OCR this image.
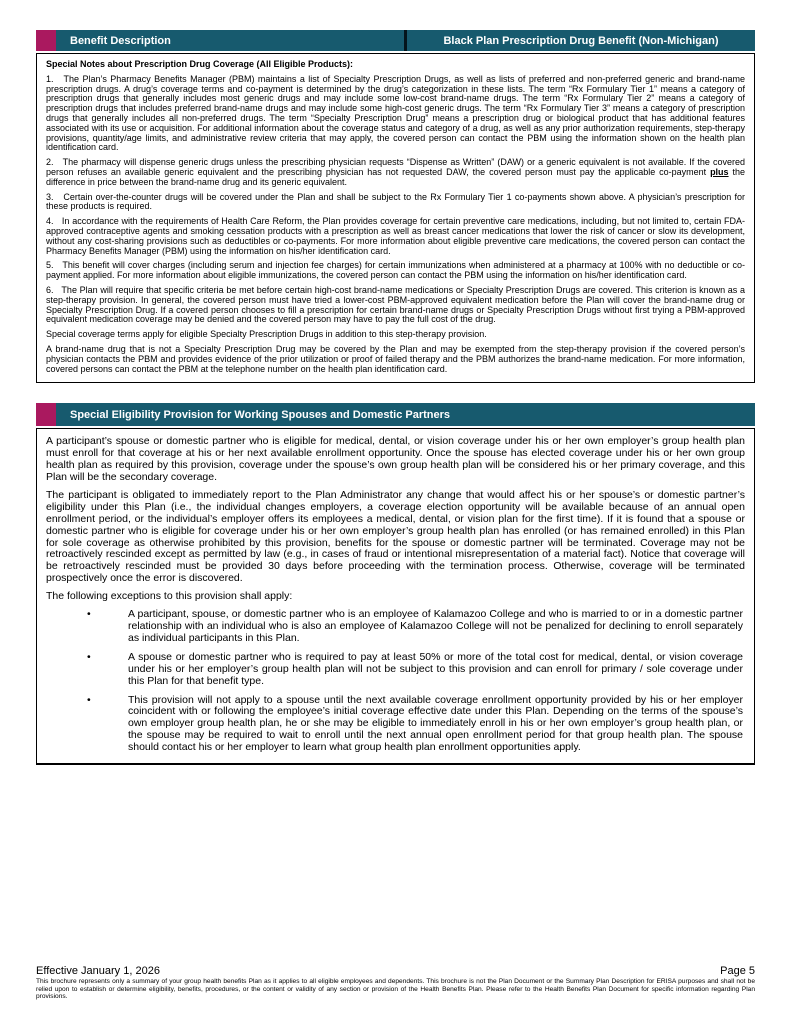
Benefit Description	Black Plan Prescription Drug Benefit (Non-Michigan)

Special Notes about Prescription Drug Coverage (All Eligible Products):

1.   The Plan’s Pharmacy Benefits Manager (PBM) maintains a list of Specialty Prescription Drugs, as well as lists of preferred and non-preferred generic and brand-name prescription drugs. A drug’s coverage terms and co-payment is determined by the drug’s categorization in these lists. The term “Rx Formulary Tier 1” means a category of prescription drugs that generally includes most generic drugs and may include some low-cost brand-name drugs. The term “Rx Formulary Tier 2” means a category of prescription drugs that includes preferred brand-name drugs and may include some high-cost generic drugs. The term “Rx Formulary Tier 3” means a category of prescription drugs that generally includes all non-preferred drugs. The term “Specialty Prescription Drug” means a prescription drug or biological product that has additional features associated with its use or acquisition. For additional information about the coverage status and category of a drug, as well as any prior authorization requirements, step-therapy provisions, quantity/age limits, and administrative review criteria that may apply, the covered person can contact the PBM using the information shown on the health plan identification card.

2.   The pharmacy will dispense generic drugs unless the prescribing physician requests “Dispense as Written” (DAW) or a generic equivalent is not available. If the covered person refuses an available generic equivalent and the prescribing physician has not requested DAW, the covered person must pay the applicable co-payment plus the difference in price between the brand-name drug and its generic equivalent.

3.   Certain over-the-counter drugs will be covered under the Plan and shall be subject to the Rx Formulary Tier 1 co-payments shown above. A physician’s prescription for these products is required.

4.   In accordance with the requirements of Health Care Reform, the Plan provides coverage for certain preventive care medications, including, but not limited to, certain FDA-approved contraceptive agents and smoking cessation products with a prescription as well as breast cancer medications that lower the risk of cancer or slow its development, without any cost-sharing provisions such as deductibles or co-payments. For more information about eligible preventive care medications, the covered person can contact the Pharmacy Benefits Manager (PBM) using the information on his/her identification card.

5.   This benefit will cover charges (including serum and injection fee charges) for certain immunizations when administered at a pharmacy at 100% with no deductible or co-payment applied. For more information about eligible immunizations, the covered person can contact the PBM using the information on his/her identification card.

6.   The Plan will require that specific criteria be met before certain high-cost brand-name medications or Specialty Prescription Drugs are covered. This criterion is known as a step-therapy provision. In general, the covered person must have tried a lower-cost PBM-approved equivalent medication before the Plan will cover the brand-name drug or Specialty Prescription Drug. If a covered person chooses to fill a prescription for certain brand-name drugs or Specialty Prescription Drugs without first trying a PBM-approved equivalent medication coverage may be denied and the covered person may have to pay the full cost of the drug.

Special coverage terms apply for eligible Specialty Prescription Drugs in addition to this step-therapy provision.

A brand-name drug that is not a Specialty Prescription Drug may be covered by the Plan and may be exempted from the step-therapy provision if the covered person’s physician contacts the PBM and provides evidence of the prior utilization or proof of failed therapy and the PBM authorizes the brand-name medication. For more information, covered persons can contact the PBM at the telephone number on the health plan identification card.

Special Eligibility Provision for Working Spouses and Domestic Partners

A participant’s spouse or domestic partner who is eligible for medical, dental, or vision coverage under his or her own employer’s group health plan must enroll for that coverage at his or her next available enrollment opportunity. Once the spouse has elected coverage under his or her own group health plan as required by this provision, coverage under the spouse’s own group health plan will be considered his or her primary coverage, and this Plan will be the secondary coverage.

The participant is obligated to immediately report to the Plan Administrator any change that would affect his or her spouse’s or domestic partner’s eligibility under this Plan (i.e., the individual changes employers, a coverage election opportunity will be available because of an annual open enrollment period, or the individual’s employer offers its employees a medical, dental, or vision plan for the first time). If it is found that a spouse or domestic partner who is eligible for coverage under his or her own employer’s group health plan has enrolled (or has remained enrolled) in this Plan for sole coverage as otherwise prohibited by this provision, benefits for the spouse or domestic partner will be terminated. Coverage may not be retroactively rescinded except as permitted by law (e.g., in cases of fraud or intentional misrepresentation of a material fact). Notice that coverage will be retroactively rescinded must be provided 30 days before proceeding with the termination process. Otherwise, coverage will be terminated prospectively once the error is discovered.

The following exceptions to this provision shall apply:

• A participant, spouse, or domestic partner who is an employee of Kalamazoo College and who is married to or in a domestic partner relationship with an individual who is also an employee of Kalamazoo College will not be penalized for declining to enroll separately as individual participants in this Plan.
• A spouse or domestic partner who is required to pay at least 50% or more of the total cost for medical, dental, or vision coverage under his or her employer’s group health plan will not be subject to this provision and can enroll for primary / sole coverage under this Plan for that benefit type.
• This provision will not apply to a spouse until the next available coverage enrollment opportunity provided by his or her employer coincident with or following the employee’s initial coverage effective date under this Plan. Depending on the terms of the spouse’s own employer group health plan, he or she may be eligible to immediately enroll in his or her own employer’s group health plan, or the spouse may be required to wait to enroll until the next annual open enrollment period for that group health plan. The spouse should contact his or her employer to learn what group health plan enrollment opportunities apply.
Effective January 1, 2026	Page 5
This brochure represents only a summary of your group health benefits Plan as it applies to all eligible employees and dependents. This brochure is not the Plan Document or the Summary Plan Description for ERISA purposes and shall not be relied upon to establish or determine eligibility, benefits, procedures, or the content or validity of any section or provision of the Health Benefits Plan. Please refer to the Health Benefits Plan Document for specific information regarding Plan provisions.
